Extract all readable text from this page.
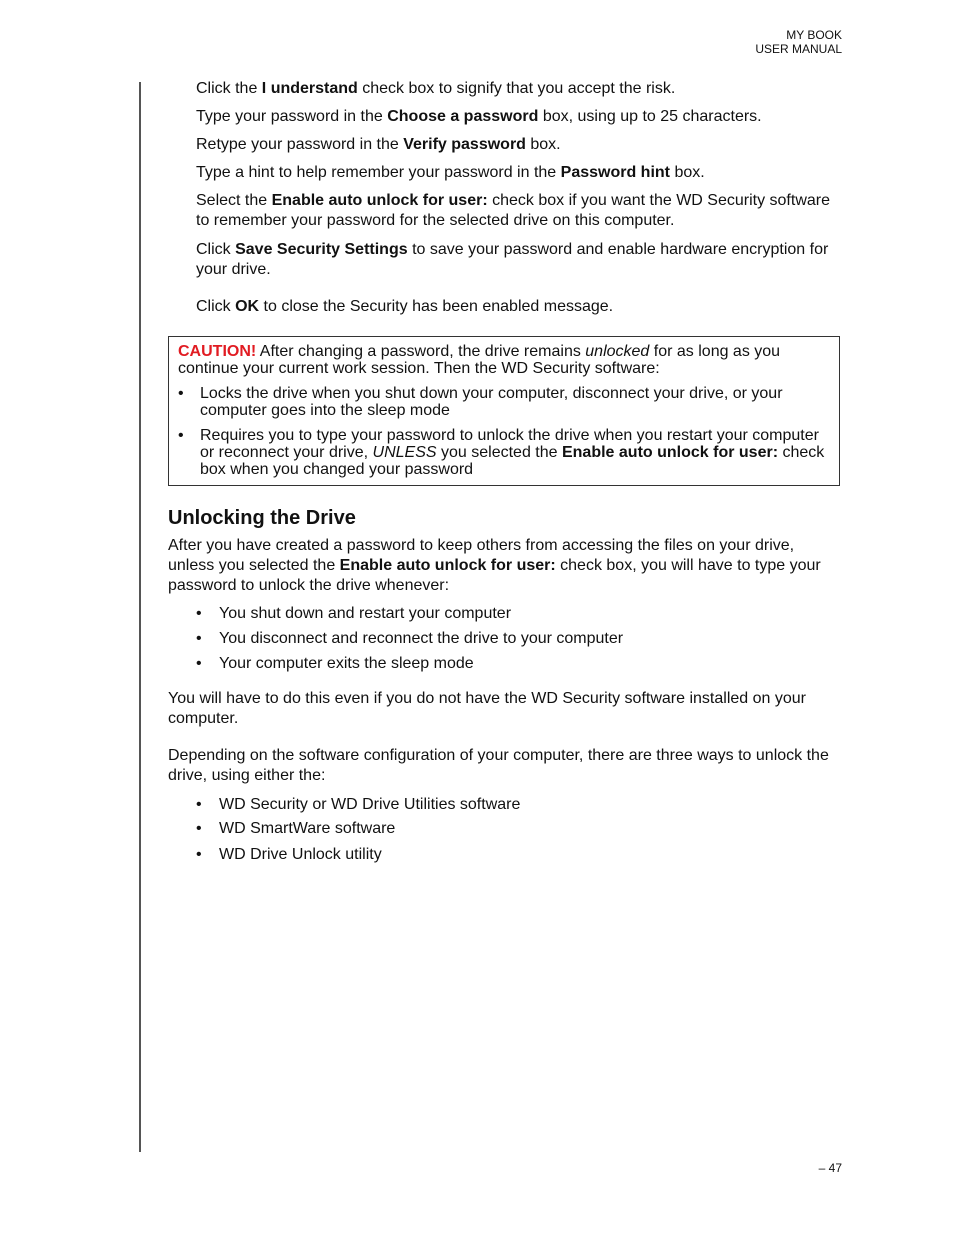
MY BOOK
USER MANUAL
Click the I understand check box to signify that you accept the risk.
Type your password in the Choose a password box, using up to 25 characters.
Retype your password in the Verify password box.
Type a hint to help remember your password in the Password hint box.
Select the Enable auto unlock for user: check box if you want the WD Security software to remember your password for the selected drive on this computer.
Click Save Security Settings to save your password and enable hardware encryption for your drive.
Click OK to close the Security has been enabled message.

CAUTION! After changing a password, the drive remains unlocked for as long as you continue your current work session. Then the WD Security software:

• Locks the drive when you shut down your computer, disconnect your drive, or your computer goes into the sleep mode
• Requires you to type your password to unlock the drive when you restart your computer or reconnect your drive, UNLESS you selected the Enable auto unlock for user: check box when you changed your password
Unlocking the Drive
After you have created a password to keep others from accessing the files on your drive, unless you selected the Enable auto unlock for user: check box, you will have to type your password to unlock the drive whenever:
• You shut down and restart your computer
• You disconnect and reconnect the drive to your computer
• Your computer exits the sleep mode
You will have to do this even if you do not have the WD Security software installed on your computer.
Depending on the software configuration of your computer, there are three ways to unlock the drive, using either the:
• WD Security or WD Drive Utilities software
• WD SmartWare software
• WD Drive Unlock utility
– 47
